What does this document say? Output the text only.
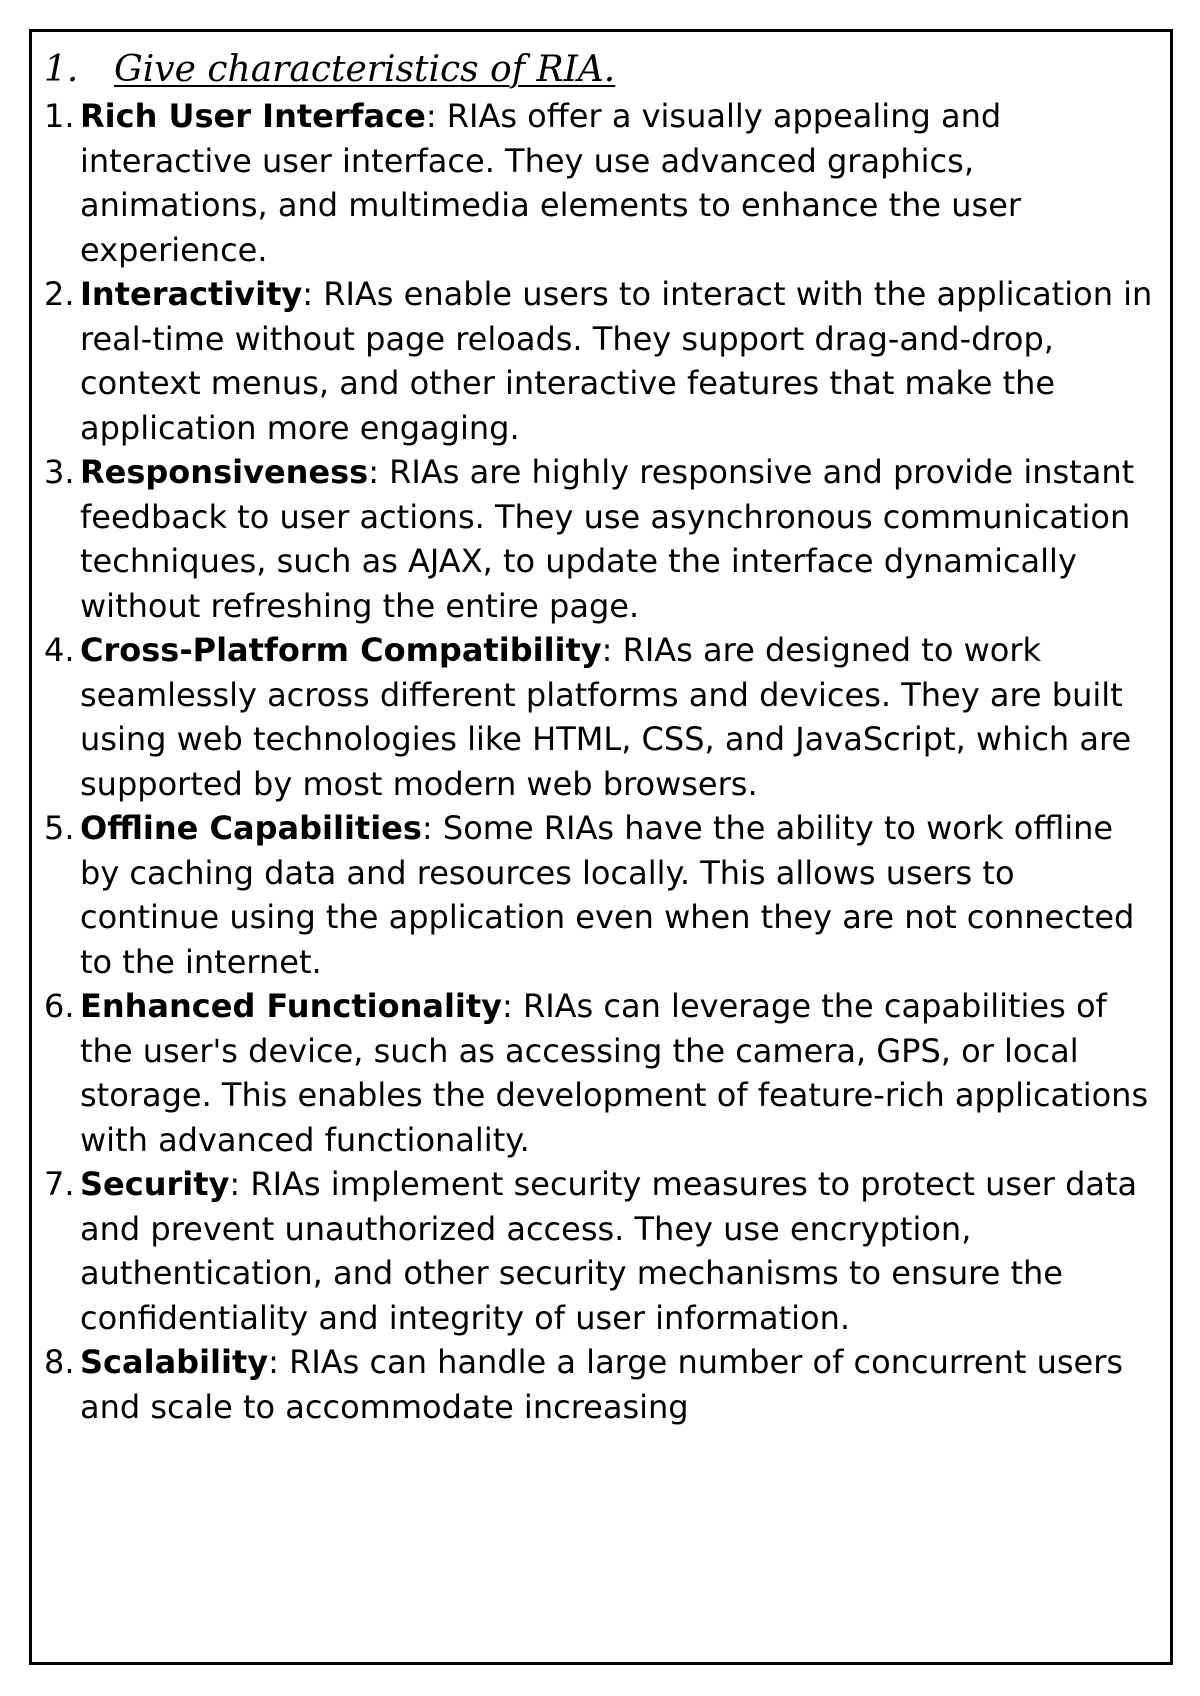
1. Give characteristics of RIA.
1. Rich User Interface: RIAs offer a visually appealing and interactive user interface. They use advanced graphics, animations, and multimedia elements to enhance the user experience.
2. Interactivity: RIAs enable users to interact with the application in real-time without page reloads. They support drag-and-drop, context menus, and other interactive features that make the application more engaging.
3. Responsiveness: RIAs are highly responsive and provide instant feedback to user actions. They use asynchronous communication techniques, such as AJAX, to update the interface dynamically without refreshing the entire page.
4. Cross-Platform Compatibility: RIAs are designed to work seamlessly across different platforms and devices. They are built using web technologies like HTML, CSS, and JavaScript, which are supported by most modern web browsers.
5. Offline Capabilities: Some RIAs have the ability to work offline by caching data and resources locally. This allows users to continue using the application even when they are not connected to the internet.
6. Enhanced Functionality: RIAs can leverage the capabilities of the user's device, such as accessing the camera, GPS, or local storage. This enables the development of feature-rich applications with advanced functionality.
7. Security: RIAs implement security measures to protect user data and prevent unauthorized access. They use encryption, authentication, and other security mechanisms to ensure the confidentiality and integrity of user information.
8. Scalability: RIAs can handle a large number of concurrent users and scale to accommodate increasing
